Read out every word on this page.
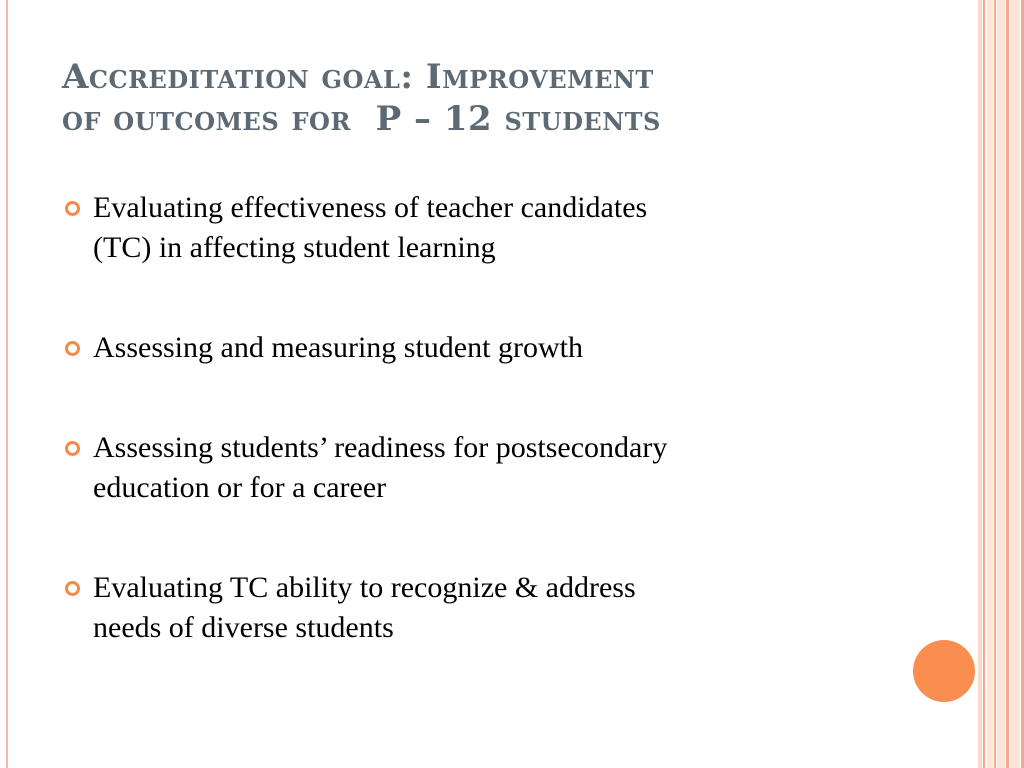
Accreditation goal: Improvement
of outcomes for  P – 12 students
Evaluating effectiveness of teacher candidates
(TC) in affecting student learning
Assessing and measuring student growth
Assessing students’ readiness for postsecondary
education or for a career
Evaluating TC ability to recognize & address
needs of diverse students
